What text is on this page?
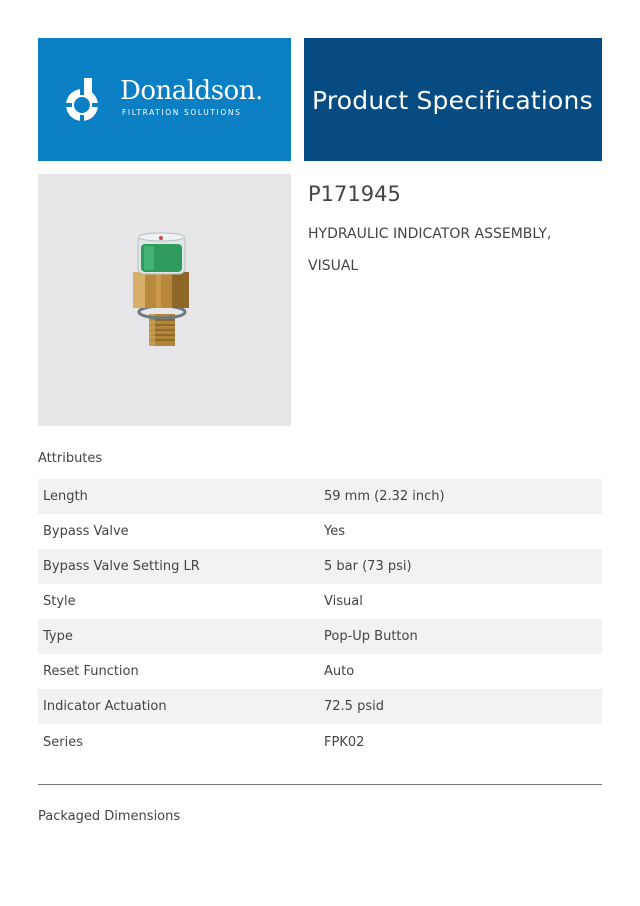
Donaldson.
FILTRATION SOLUTIONS	Product Specifications
P171945
HYDRAULIC INDICATOR ASSEMBLY, VISUAL
Attributes
Length	59 mm (2.32 inch)
Bypass Valve	Yes
Bypass Valve Setting LR	5 bar (73 psi)
Style	Visual
Type	Pop-Up Button
Reset Function	Auto
Indicator Actuation	72.5 psid
Series	FPK02
Packaged Dimensions
